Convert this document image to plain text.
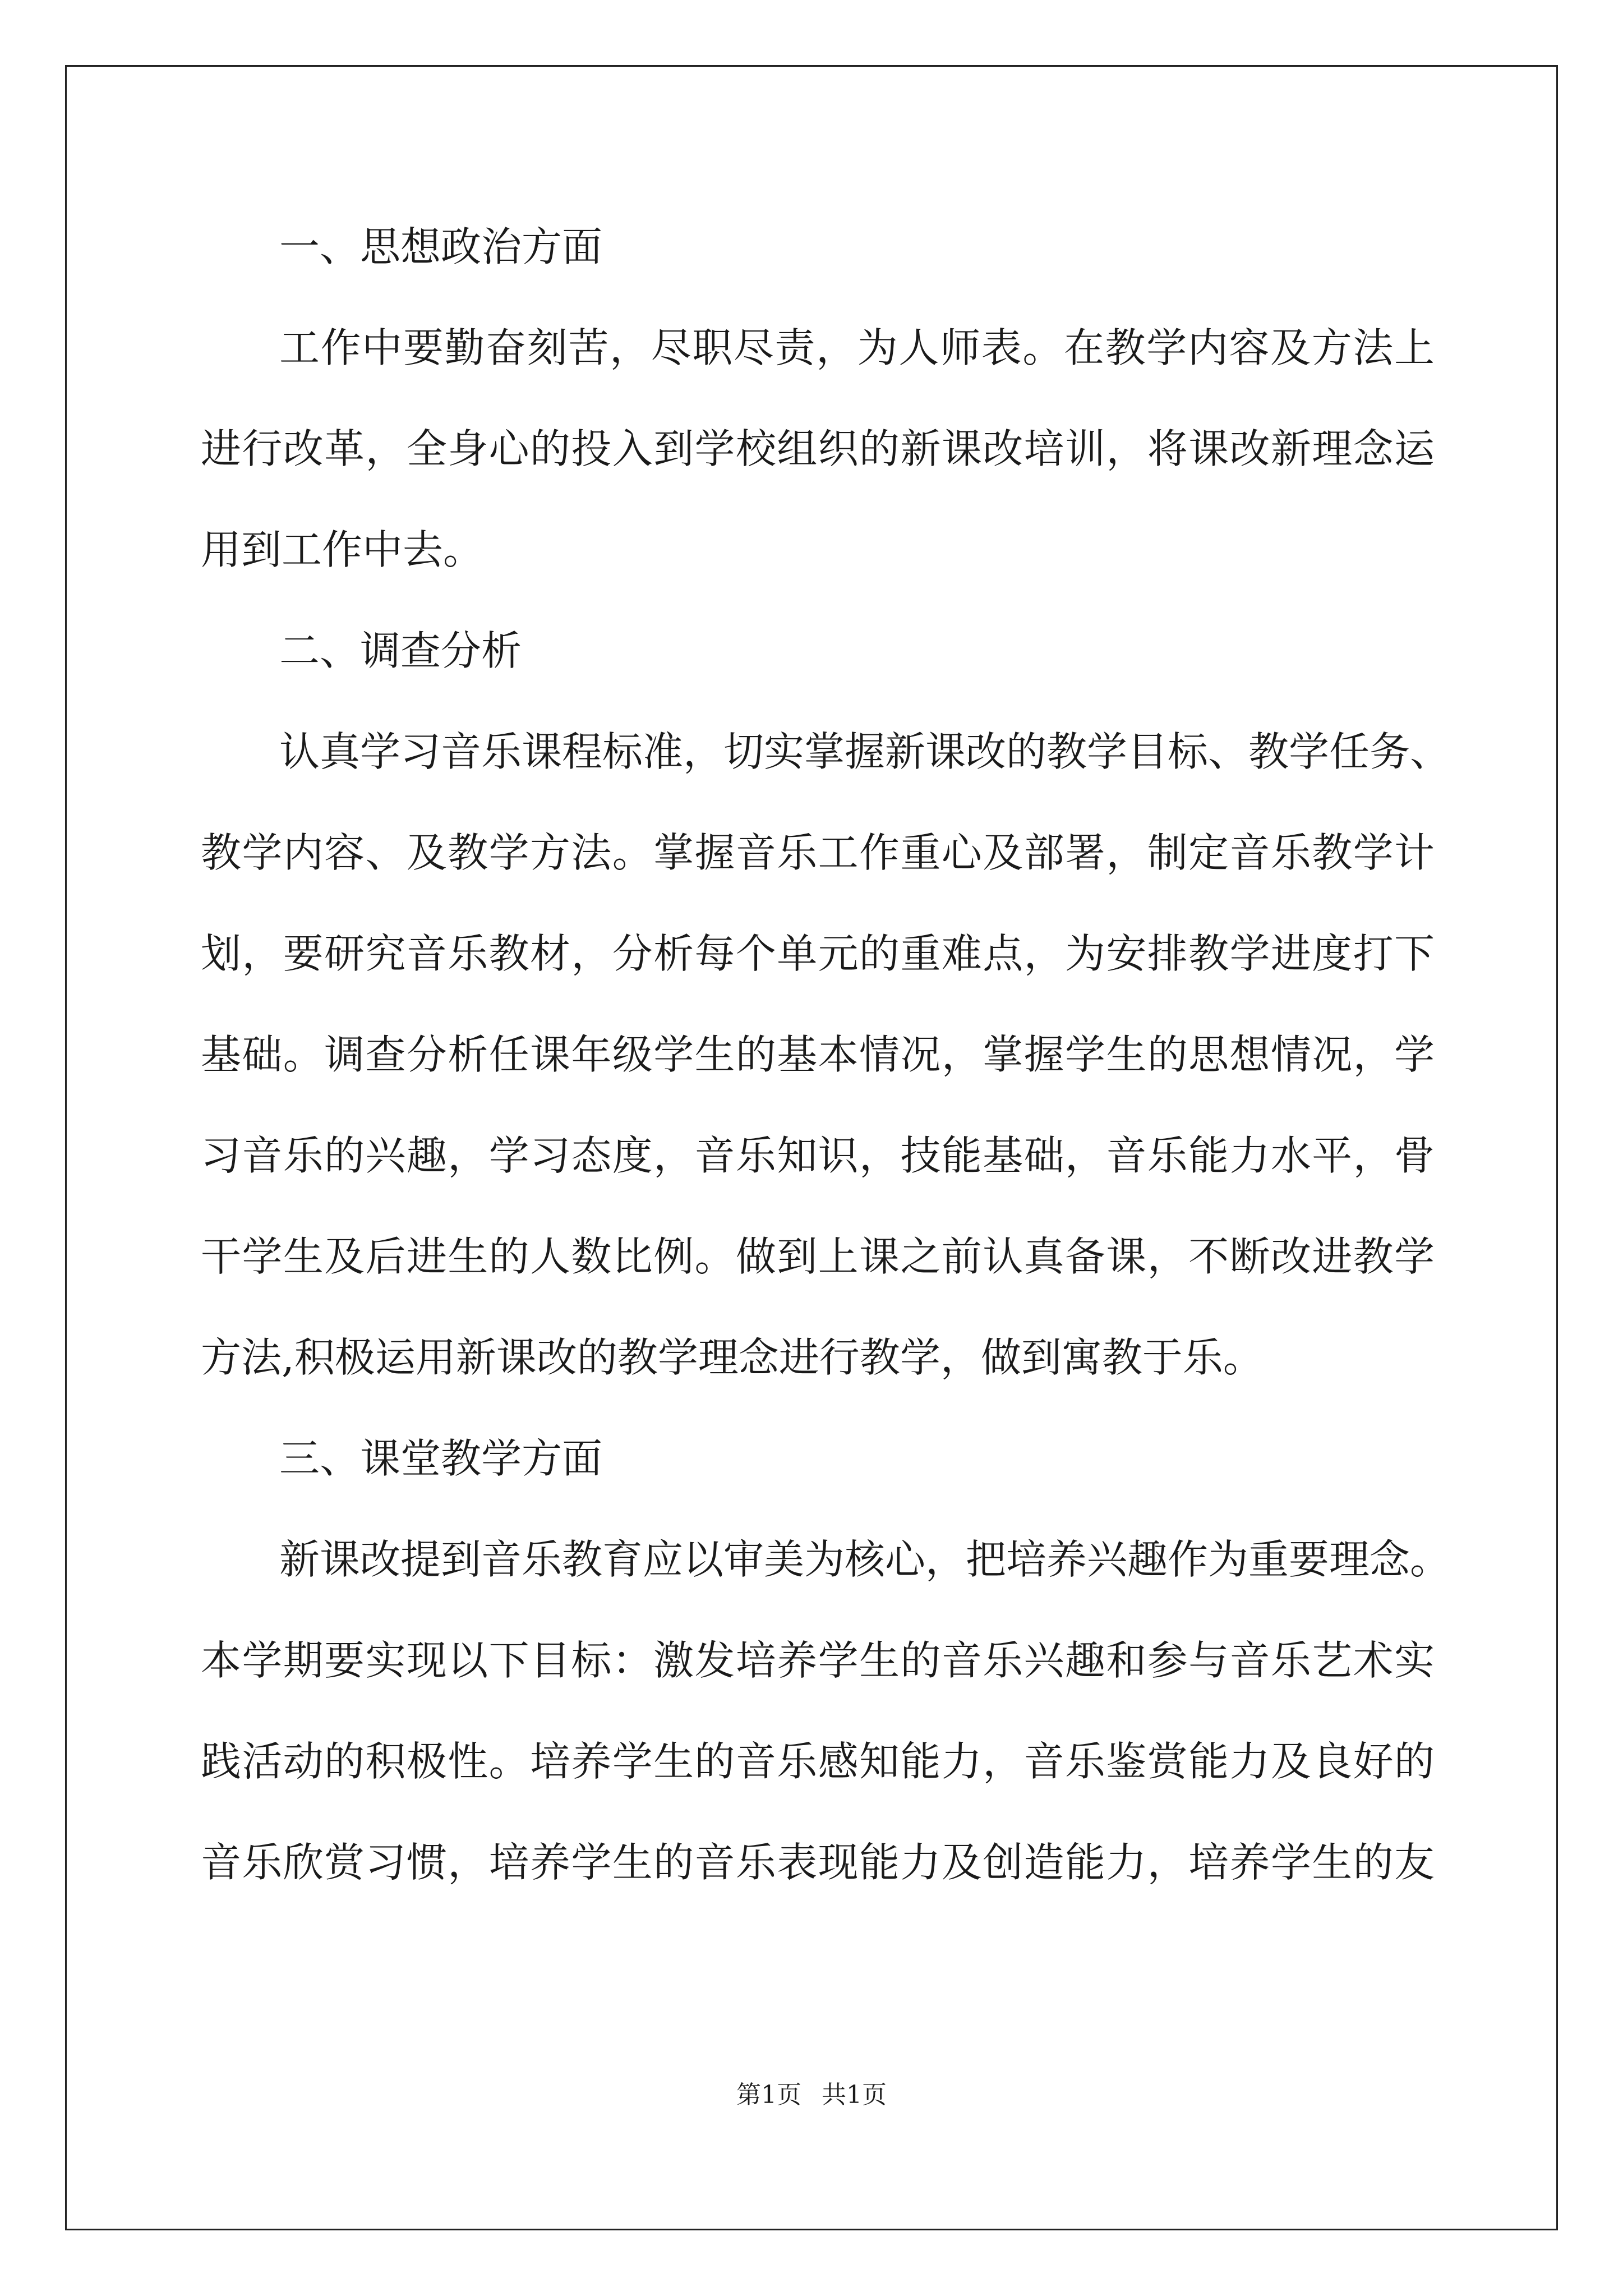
一、思想政治方面
工作中要勤奋刻苦，尽职尽责，为人师表。在教学内容及方法上
进行改革，全身心的投入到学校组织的新课改培训，将课改新理念运
用到工作中去。
二、调查分析
认真学习音乐课程标准，切实掌握新课改的教学目标、教学任务、
教学内容、及教学方法。掌握音乐工作重心及部署，制定音乐教学计
划，要研究音乐教材，分析每个单元的重难点，为安排教学进度打下
基础。调查分析任课年级学生的基本情况，掌握学生的思想情况，学
习音乐的兴趣，学习态度，音乐知识，技能基础，音乐能力水平，骨
干学生及后进生的人数比例。做到上课之前认真备课，不断改进教学
方法,积极运用新课改的教学理念进行教学，做到寓教于乐。
三、课堂教学方面
新课改提到音乐教育应以审美为核心，把培养兴趣作为重要理念。
本学期要实现以下目标：激发培养学生的音乐兴趣和参与音乐艺术实
践活动的积极性。培养学生的音乐感知能力，音乐鉴赏能力及良好的
音乐欣赏习惯，培养学生的音乐表现能力及创造能力，培养学生的友
第1页 共1页
